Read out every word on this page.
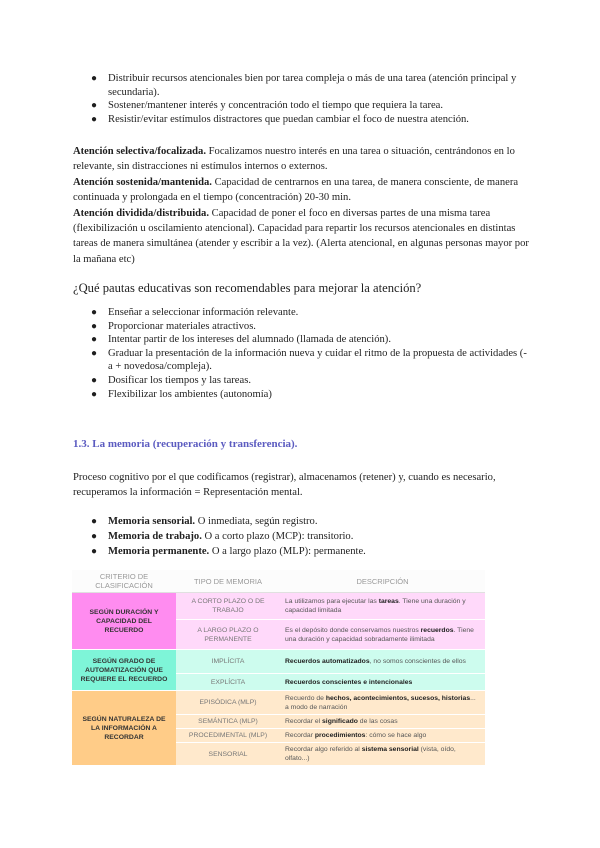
● Distribuir recursos atencionales bien por tarea compleja o más de una tarea (atención principal y secundaria).
● Sostener/mantener interés y concentración todo el tiempo que requiera la tarea.
● Resistir/evitar estímulos distractores que puedan cambiar el foco de nuestra atención.

Atención selectiva/focalizada. Focalizamos nuestro interés en una tarea o situación, centrándonos en lo relevante, sin distracciones ni estímulos internos o externos.

Atención sostenida/mantenida. Capacidad de centrarnos en una tarea, de manera consciente, de manera continuada y prolongada en el tiempo (concentración) 20-30 min.

Atención dividida/distribuida. Capacidad de poner el foco en diversas partes de una misma tarea (flexibilización u oscilamiento atencional). Capacidad para repartir los recursos atencionales en distintas tareas de manera simultánea (atender y escribir a la vez). (Alerta atencional, en algunas personas mayor por la mañana etc)

¿Qué pautas educativas son recomendables para mejorar la atención?
● Enseñar a seleccionar información relevante.
● Proporcionar materiales atractivos.
● Intentar partir de los intereses del alumnado (llamada de atención).
● Graduar la presentación de la información nueva y cuidar el ritmo de la propuesta de actividades (- a + novedosa/compleja).
● Dosificar los tiempos y las tareas.
● Flexibilizar los ambientes (autonomía)
1.3. La memoria (recuperación y transferencia).
Proceso cognitivo por el que codificamos (registrar), almacenamos (retener) y, cuando es necesario, recuperamos la información = Representación mental.
● Memoria sensorial. O inmediata, según registro.
● Memoria de trabajo. O a corto plazo (MCP): transitorio.
● Memoria permanente. O a largo plazo (MLP): permanente.
CRITERIO DE CLASIFICACIÓN	TIPO DE MEMORIA	DESCRIPCIÓN
SEGÚN DURACIÓN Y CAPACIDAD DEL RECUERDO	A CORTO PLAZO O DE TRABAJO	La utilizamos para ejecutar las tareas. Tiene una duración y capacidad limitada
	A LARGO PLAZO O PERMANENTE	Es el depósito donde conservamos nuestros recuerdos. Tiene una duración y capacidad sobradamente ilimitada
SEGÚN GRADO DE AUTOMATIZACIÓN QUE REQUIERE EL RECUERDO	IMPLÍCITA	Recuerdos automatizados, no somos conscientes de ellos
	EXPLÍCITA	Recuerdos conscientes e intencionales
SEGÚN NATURALEZA DE LA INFORMACIÓN A RECORDAR	EPISÓDICA (MLP)	Recuerdo de hechos, acontecimientos, sucesos, historias... a modo de narración
	SEMÁNTICA (MLP)	Recordar el significado de las cosas
	PROCEDIMENTAL (MLP)	Recordar procedimientos: cómo se hace algo
	SENSORIAL	Recordar algo referido al sistema sensorial (vista, oído, olfato...)
